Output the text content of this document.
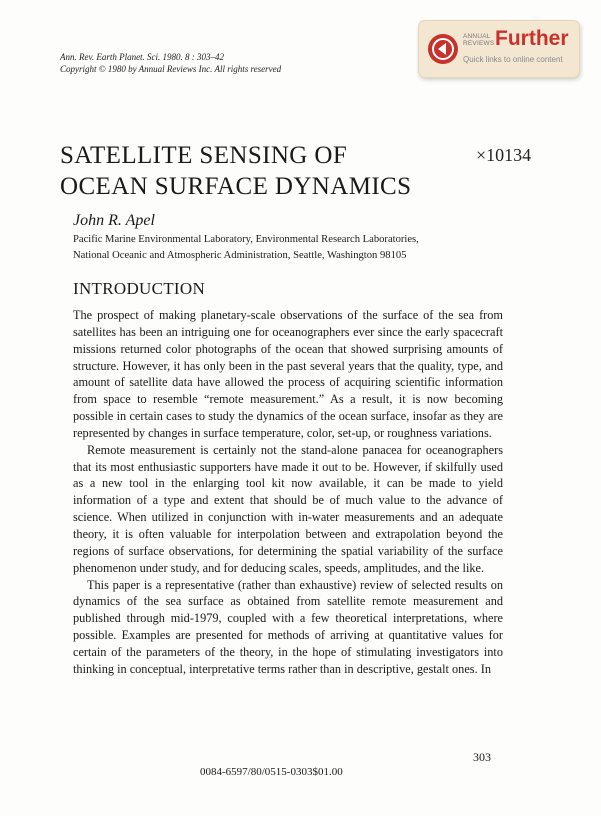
Ann. Rev. Earth Planet. Sci. 1980. 8 : 303–42
Copyright © 1980 by Annual Reviews Inc. All rights reserved
ANNUAL
REVIEWS Further
Quick links to online content
SATELLITE SENSING OF
OCEAN SURFACE DYNAMICS
×10134
John R. Apel
Pacific Marine Environmental Laboratory, Environmental Research Laboratories,
National Oceanic and Atmospheric Administration, Seattle, Washington 98105
INTRODUCTION

The prospect of making planetary-scale observations of the surface of the sea from satellites has been an intriguing one for oceanographers ever since the early spacecraft missions returned color photographs of the ocean that showed surprising amounts of structure. However, it has only been in the past several years that the quality, type, and amount of satellite data have allowed the process of acquiring scientific information from space to resemble “remote measurement.” As a result, it is now becoming possible in certain cases to study the dynamics of the ocean surface, insofar as they are represented by changes in surface temperature, color, set-up, or roughness variations.

Remote measurement is certainly not the stand-alone panacea for oceanographers that its most enthusiastic supporters have made it out to be. However, if skilfully used as a new tool in the enlarging tool kit now available, it can be made to yield information of a type and extent that should be of much value to the advance of science. When utilized in conjunction with in-water measurements and an adequate theory, it is often valuable for interpolation between and extrapolation beyond the regions of surface observations, for determining the spatial variability of the surface phenomenon under study, and for deducing scales, speeds, amplitudes, and the like.

This paper is a representative (rather than exhaustive) review of selected results on dynamics of the sea surface as obtained from satellite remote measurement and published through mid-1979, coupled with a few theoretical interpretations, where possible. Examples are presented for methods of arriving at quantitative values for certain of the parameters of the theory, in the hope of stimulating investigators into thinking in conceptual, interpretative terms rather than in descriptive, gestalt ones. In

303
0084-6597/80/0515-0303$01.00
